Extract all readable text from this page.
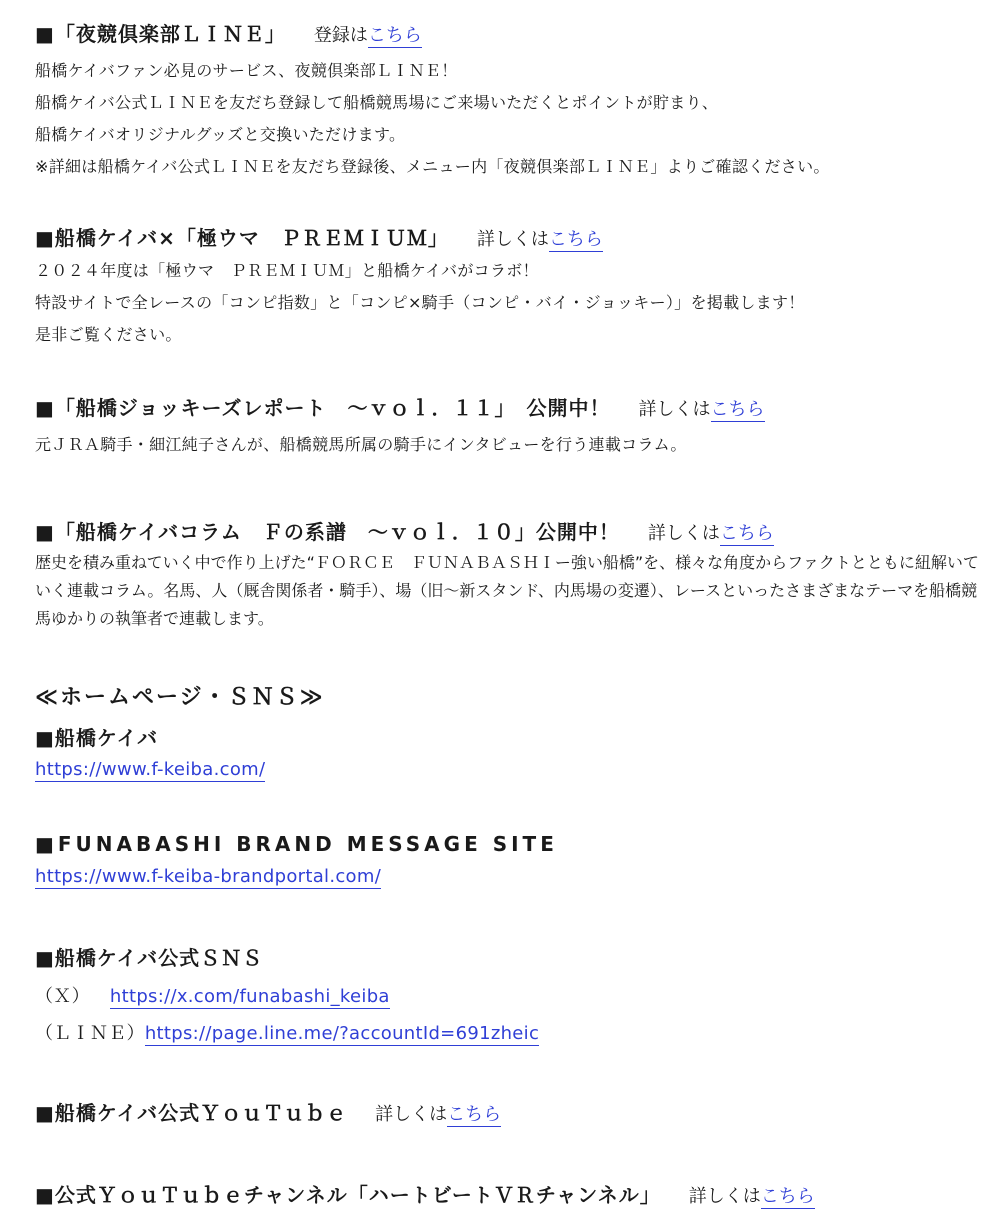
■「夜競倶楽部ＬＩＮＥ」 登録はこちら
船橋ケイバファン必見のサービス、夜競倶楽部ＬＩＮＥ！
船橋ケイバ公式ＬＩＮＥを友だち登録して船橋競馬場にご来場いただくとポイントが貯まり、
船橋ケイバオリジナルグッズと交換いただけます。
※詳細は船橋ケイバ公式ＬＩＮＥを友だち登録後、メニュー内「夜競倶楽部ＬＩＮＥ」よりご確認ください。
■船橋ケイバ×「極ウマ　ＰＲＥＭＩＵＭ」 詳しくはこちら
２０２４年度は「極ウマ　ＰＲＥＭＩＵＭ」と船橋ケイバがコラボ！
特設サイトで全レースの「コンピ指数」と「コンピ×騎手（コンピ・バイ・ジョッキー）」を掲載します！
是非ご覧ください。
■「船橋ジョッキーズレポート　～ｖｏｌ．１１」　公開中！ 詳しくはこちら
元ＪＲＡ騎手・細江純子さんが、船橋競馬所属の騎手にインタビューを行う連載コラム。
■「船橋ケイバコラム　Ｆの系譜　～ｖｏｌ．１０」公開中！ 詳しくはこちら
歴史を積み重ねていく中で作り上げた“ＦＯＲＣＥ　ＦＵＮＡＢＡＳＨＩー強い船橋”を、様々な角度からファクトとともに紐解いていく連載コラム。名馬、人（厩舎関係者・騎手）、場（旧〜新スタンド、内馬場の変遷）、レースといったさまざまなテーマを船橋競馬ゆかりの執筆者で連載します。
≪ホームページ・ＳＮＳ≫
■船橋ケイバ
https://www.f-keiba.com/
■FUNABASHI BRAND MESSAGE SITE
https://www.f-keiba-brandportal.com/
■船橋ケイバ公式ＳＮＳ
（Ｘ） https://x.com/funabashi_keiba
（ＬＩＮＥ）https://page.line.me/?accountId=691zheic
■船橋ケイバ公式ＹｏｕＴｕｂｅ 詳しくはこちら
■公式ＹｏｕＴｕｂｅチャンネル「ハートビートＶＲチャンネル」 詳しくはこちら
